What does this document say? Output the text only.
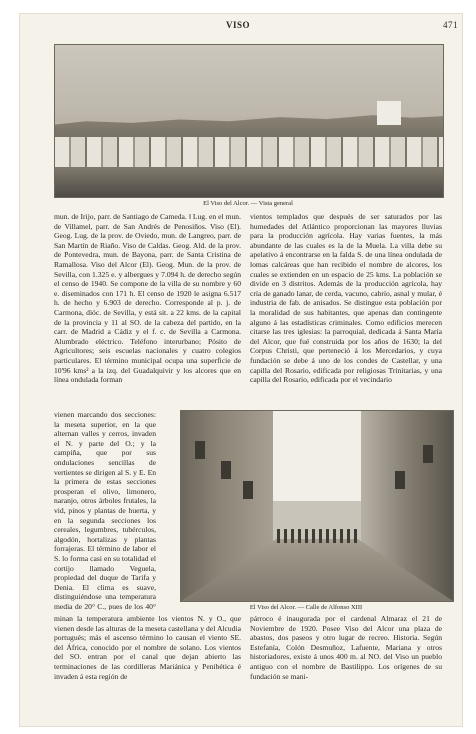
VISO	471
El Viso del Alcor. — Vista general

mun. de Irijo, parr. de Santiago de Cameda. ‖ Lug. en el mun. de Villamel, parr. de San Andrés de Penosiños. Viso (El). Geog. Lug. de la prov. de Oviedo, mun. de Langreo, parr. de San Martín de Riaño. Viso de Caldas. Geog. Ald. de la prov. de Pontevedra, mun. de Bayona, parr. de Santa Cristina de Ramallosa. Viso del Alcor (El). Geog. Mun. de la prov. de Sevilla, con 1.325 e. y albergues y 7.094 h. de derecho según el censo de 1940. Se compone de la villa de su nombre y 60 e. diseminados con 171 h. El censo de 1920 le asigna 6.517 h. de hecho y 6.903 de derecho. Corresponde al p. j. de Carmona, dióc. de Sevilla, y está sit. a 22 kms. de la capital de la provincia y 11 al SO. de la cabeza del partido, en la carr. de Madrid a Cádiz y el f. c. de Sevilla a Carmona. Alumbrado eléctrico. Teléfono interurbano; Pósito de Agricultores; seis escuelas nacionales y cuatro colegios particulares. El término municipal ocupa una superficie de 10'96 kms² a la izq. del Guadalquivir y los alcores que en línea ondulada forman

vientos templados que después de ser saturados por las humedades del Atlántico proporcionan las mayores lluvias para la producción agrícola. Hay varias fuentes, la más abundante de las cuales es la de la Muela. La villa debe su apelativo á encontrarse en la falda S. de una línea ondulada de lomas calcáreas que han recibido el nombre de alcores, los cuales se extienden en un espacio de 25 kms. La población se divide en 3 distritos. Además de la producción agrícola, hay cría de ganado lanar, de cerda, vacuno, cabrío, asnal y mular, é industria de fab. de anisados. Se distingue esta población por la moralidad de sus habitantes, que apenas dan contingente alguno á las estadísticas criminales. Como edificios merecen citarse las tres iglesias: la parroquial, dedicada á Santa María del Alcor, que fué construida por los años de 1630; la del Corpus Christi, que perteneció á los Mercedarios, y cuya fundación se debe á uno de los condes de Castellar, y una capilla del Rosario, edificada por religiosas Trinitarias, y una capilla del Rosario, edificada por el vecindario

vienen marcando dos secciones: la meseta superior, en la que alternan valles y cerros, invaden el N. y parte del O.; y la campiña, que por sus ondulaciones sencillas de vertientes se dirigen al S. y E. En la primera de estas secciones prosperan el olivo, limonero, naranjo, otros árboles frutales, la vid, pinos y plantas de huerta, y en la segunda secciones los cereales, legumbres, tubérculos, algodón, hortalizas y plantas forrajeras. El término de labor el S. lo forma casi en su totalidad el cortijo llamado Veguela, propiedad del duque de Tarifa y Denia. El clima es suave, distinguiéndose una temperatura media de 20° C., pues de los 40°	El Viso del Alcor. — Calle de Alfonso XIII

minan la temperatura ambiente los vientos N. y O., que vienen desde las alturas de la meseta castellana y del Alcudia portugués; más el ascenso término lo causan el viento SE. del África, conocido por el nombre de solano. Los vientos del SO. entran por el canal que dejan abierto las terminaciones de las cordilleras Mariánica y Penibética é invaden á esta región de

párroco é inaugurada por el cardenal Almaraz el 21 de Noviembre de 1920. Posee Viso del Alcor una plaza de abastos, dos paseos y otro lugar de recreo. Historia. Según Estefanía, Colón Desmuñoz, Lafuente, Mariana y otros historiadores, existe á unos 400 m. al NO. del Viso un pueblo antiguo con el nombre de Bastilippo. Los orígenes de su fundación se mani-
